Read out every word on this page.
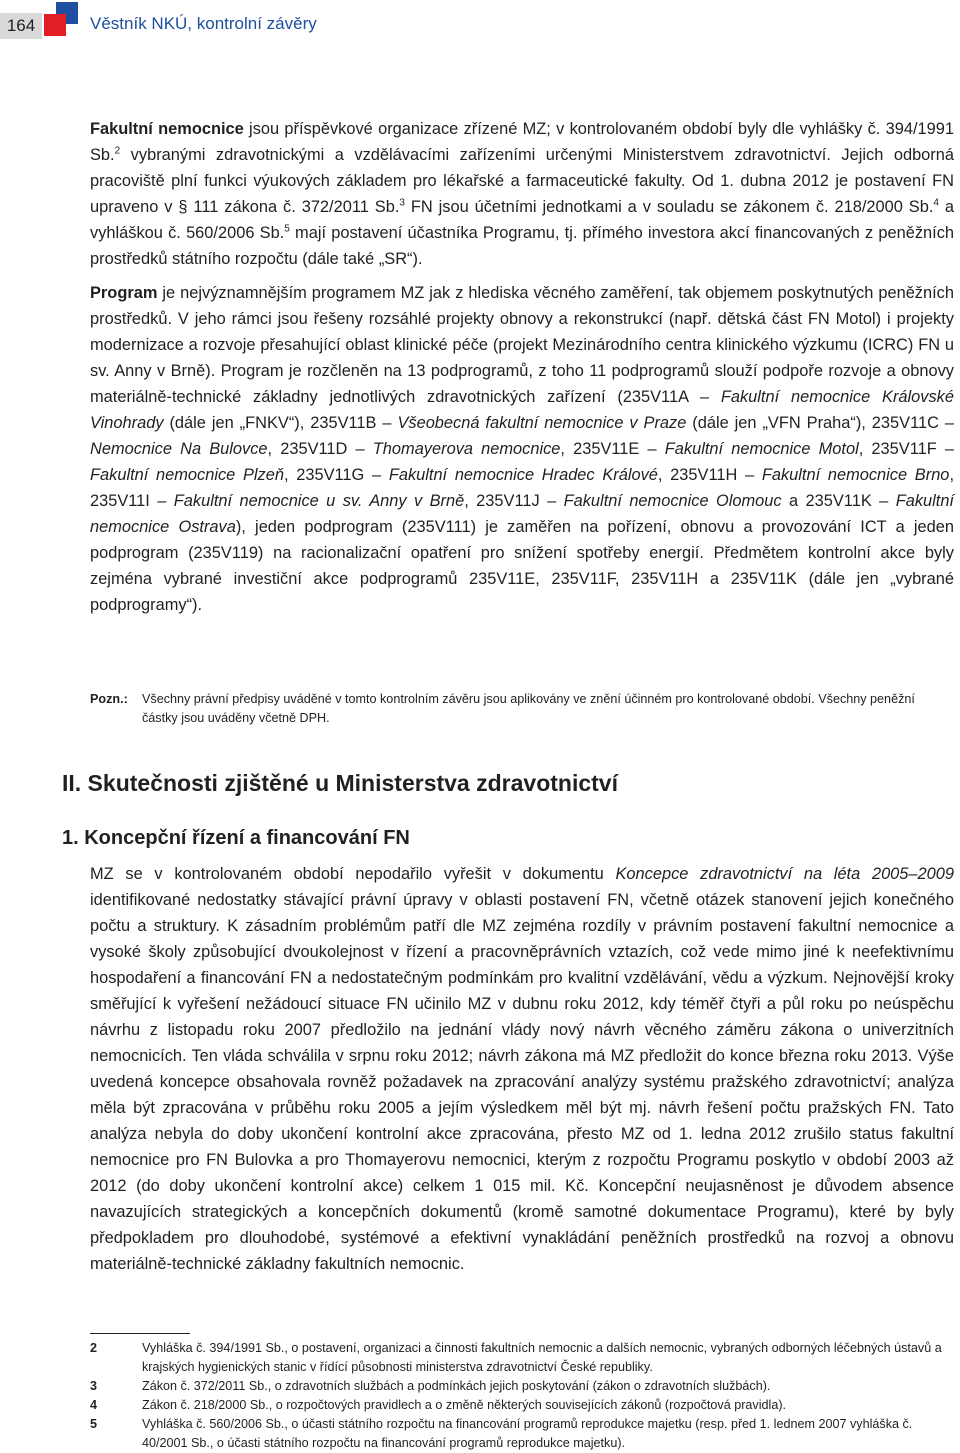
164	Věstník NKÚ, kontrolní závěry

Fakultní nemocnice jsou příspěvkové organizace zřízené MZ; v kontrolovaném období byly dle vyhlášky č. 394/1991 Sb.$^2$ vybranými zdravotnickými a vzdělávacími zařízeními určenými Ministerstvem zdravotnictví. Jejich odborná pracoviště plní funkci výukových základem pro lékařské a farmaceutické fakulty. Od 1. dubna 2012 je postavení FN upraveno v § 111 zákona č. 372/2011 Sb.$^3$ FN jsou účetními jednotkami a v souladu se zákonem č. 218/2000 Sb.$^4$ a vyhláškou č. 560/2006 Sb.$^5$ mají postavení účastníka Programu, tj. přímého investora akcí financovaných z peněžních prostředků státního rozpočtu (dále také „SR“).

Program je nejvýznamnějším programem MZ jak z hlediska věcného zaměření, tak objemem poskytnutých peněžních prostředků. V jeho rámci jsou řešeny rozsáhlé projekty obnovy a rekonstrukcí (např. dětská část FN Motol) i projekty modernizace a rozvoje přesahující oblast klinické péče (projekt Mezinárodního centra klinického výzkumu (ICRC) FN u sv. Anny v Brně). Program je rozčleněn na 13 podprogramů, z toho 11 podprogramů slouží podpoře rozvoje a obnovy materiálně-technické základny jednotlivých zdravotnických zařízení (235V11A – Fakultní nemocnice Královské Vinohrady (dále jen „FNKV“), 235V11B – Všeobecná fakultní nemocnice v Praze (dále jen „VFN Praha“), 235V11C – Nemocnice Na Bulovce, 235V11D – Thomayerova nemocnice, 235V11E – Fakultní nemocnice Motol, 235V11F – Fakultní nemocnice Plzeň, 235V11G – Fakultní nemocnice Hradec Králové, 235V11H – Fakultní nemocnice Brno, 235V11I – Fakultní nemocnice u sv. Anny v Brně, 235V11J – Fakultní nemocnice Olomouc a 235V11K – Fakultní nemocnice Ostrava), jeden podprogram (235V111) je zaměřen na pořízení, obnovu a provozování ICT a jeden podprogram (235V119) na racionalizační opatření pro snížení spotřeby energií. Předmětem kontrolní akce byly zejména vybrané investiční akce podprogramů 235V11E, 235V11F, 235V11H a 235V11K (dále jen „vybrané podprogramy“).

Pozn.: Všechny právní předpisy uváděné v tomto kontrolním závěru jsou aplikovány ve znění účinném pro kontrolované období. Všechny peněžní částky jsou uváděny včetně DPH.
II. Skutečnosti zjištěné u Ministerstva zdravotnictví
1. Koncepční řízení a financování FN

MZ se v kontrolovaném období nepodařilo vyřešit v dokumentu Koncepce zdravotnictví na léta 2005–2009 identifikované nedostatky stávající právní úpravy v oblasti postavení FN, včetně otázek stanovení jejich konečného počtu a struktury. K zásadním problémům patří dle MZ zejména rozdíly v právním postavení fakultní nemocnice a vysoké školy způsobující dvoukolejnost v řízení a pracovněprávních vztazích, což vede mimo jiné k neefektivnímu hospodaření a financování FN a nedostatečným podmínkám pro kvalitní vzdělávání, vědu a výzkum. Nejnovější kroky směřující k vyřešení nežádoucí situace FN učinilo MZ v dubnu roku 2012, kdy téměř čtyři a půl roku po neúspěchu návrhu z listopadu roku 2007 předložilo na jednání vlády nový návrh věcného záměru zákona o univerzitních nemocnicích. Ten vláda schválila v srpnu roku 2012; návrh zákona má MZ předložit do konce března roku 2013. Výše uvedená koncepce obsahovala rovněž požadavek na zpracování analýzy systému pražského zdravotnictví; analýza měla být zpracována v průběhu roku 2005 a jejím výsledkem měl být mj. návrh řešení počtu pražských FN. Tato analýza nebyla do doby ukončení kontrolní akce zpracována, přesto MZ od 1. ledna 2012 zrušilo status fakultní nemocnice pro FN Bulovka a pro Thomayerovu nemocnici, kterým z rozpočtu Programu poskytlo v období 2003 až 2012 (do doby ukončení kontrolní akce) celkem 1 015 mil. Kč. Koncepční neujasněnost je důvodem absence navazujících strategických a koncepčních dokumentů (kromě samotné dokumentace Programu), které by byly předpokladem pro dlouhodobé, systémové a efektivní vynakládání peněžních prostředků na rozvoj a obnovu materiálně-technické základny fakultních nemocnic.

2	Vyhláška č. 394/1991 Sb., o postavení, organizaci a činnosti fakultních nemocnic a dalších nemocnic, vybraných odborných léčebných ústavů a krajských hygienických stanic v řídící působnosti ministerstva zdravotnictví České republiky.
3	Zákon č. 372/2011 Sb., o zdravotních službách a podmínkách jejich poskytování (zákon o zdravotních službách).
4	Zákon č. 218/2000 Sb., o rozpočtových pravidlech a o změně některých souvisejících zákonů (rozpočtová pravidla).
5	Vyhláška č. 560/2006 Sb., o účasti státního rozpočtu na financování programů reprodukce majetku (resp. před 1. lednem 2007 vyhláška č. 40/2001 Sb., o účasti státního rozpočtu na financování programů reprodukce majetku).
